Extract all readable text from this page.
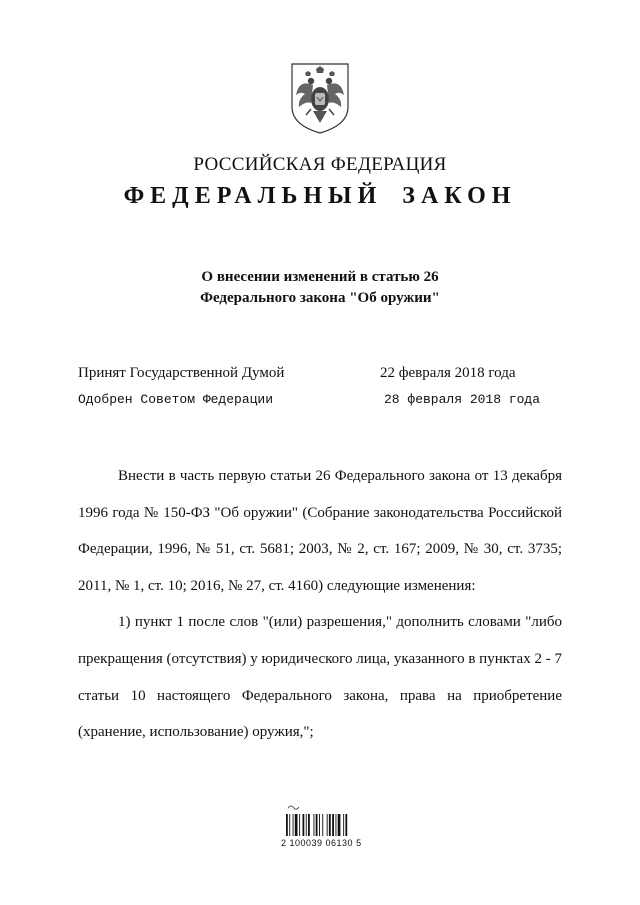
РОССИЙСКАЯ ФЕДЕРАЦИЯ
ФЕДЕРАЛЬНЫЙ ЗАКОН
О внесении изменений в статью 26
Федерального закона "Об оружии"
Принят Государственной Думой	22 февраля 2018 года
Одобрен Советом Федерации	28 февраля 2018 года

Внести в часть первую статьи 26 Федерального закона от 13 декабря 1996 года № 150-ФЗ "Об оружии" (Собрание законодательства Российской Федерации, 1996, № 51, ст. 5681; 2003, № 2, ст. 167; 2009, № 30, ст. 3735; 2011, № 1, ст. 10; 2016, № 27, ст. 4160) следующие изменения:

1) пункт 1 после слов "(или) разрешения," дополнить словами "либо прекращения (отсутствия) у юридического лица, указанного в пунктах 2 - 7 статьи 10 настоящего Федерального закона, права на приобретение (хранение, использование) оружия,";

2 100039 06130 5
